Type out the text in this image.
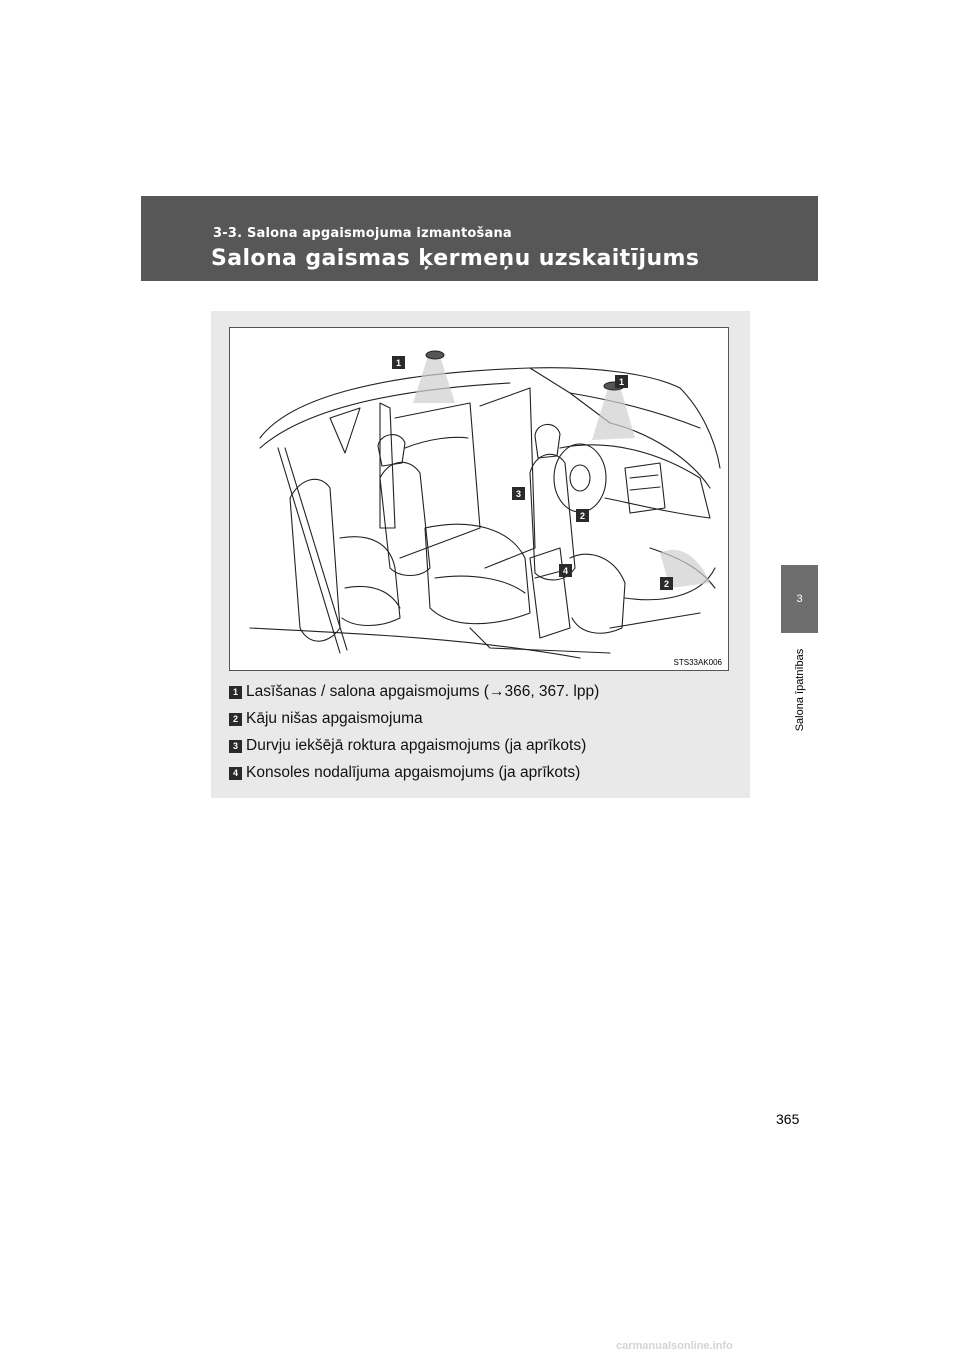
3-3. Salona apgaismojuma izmantošana
Salona gaismas ķermeņu uzskaitījums
3
Salona īpatnības
1
1
3
2
4
2
STS33AK006
1 Lasīšanas / salona apgaismojums (→366, 367. lpp)
2 Kāju nišas apgaismojuma
3 Durvju iekšējā roktura apgaismojums (ja aprīkots)
4 Konsoles nodalījuma apgaismojums (ja aprīkots)
365
carmanualsonline.info
